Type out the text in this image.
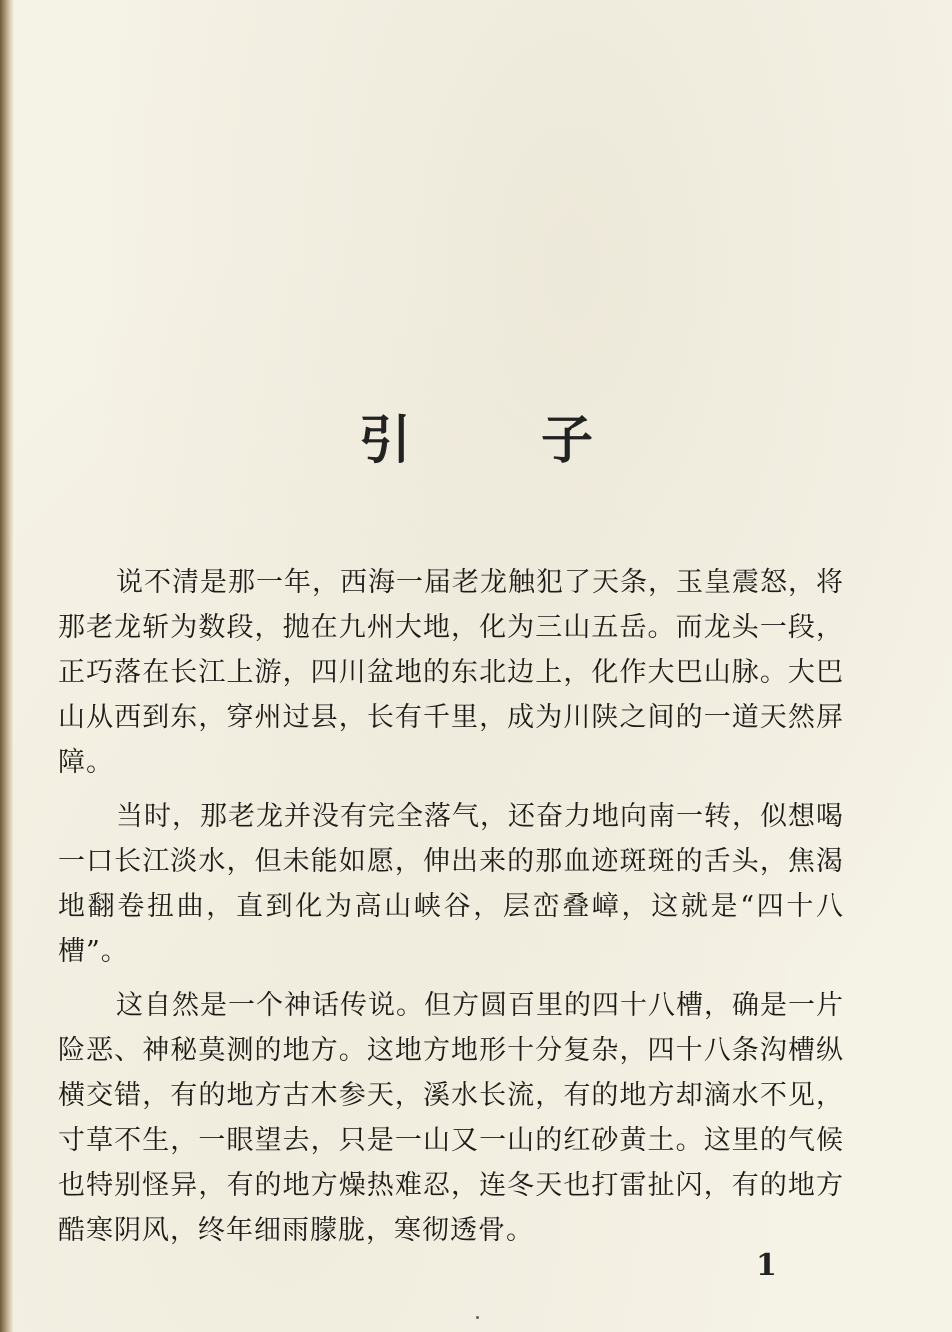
引 子

说不清是那一年，西海一届老龙触犯了天条，玉皇震怒，将那老龙斩为数段，抛在九州大地，化为三山五岳。而龙头一段，正巧落在长江上游，四川盆地的东北边上，化作大巴山脉。大巴山从西到东，穿州过县，长有千里，成为川陕之间的一道天然屏障。

当时，那老龙并没有完全落气，还奋力地向南一转，似想喝一口长江淡水，但未能如愿，伸出来的那血迹斑斑的舌头，焦渴地翻卷扭曲，直到化为高山峡谷，层峦叠嶂，这就是“四十八槽”。

这自然是一个神话传说。但方圆百里的四十八槽，确是一片险恶、神秘莫测的地方。这地方地形十分复杂，四十八条沟槽纵横交错，有的地方古木参天，溪水长流，有的地方却滴水不见，寸草不生，一眼望去，只是一山又一山的红砂黄土。这里的气候也特别怪异，有的地方燥热难忍，连冬天也打雷扯闪，有的地方酷寒阴风，终年细雨朦胧，寒彻透骨。

1
